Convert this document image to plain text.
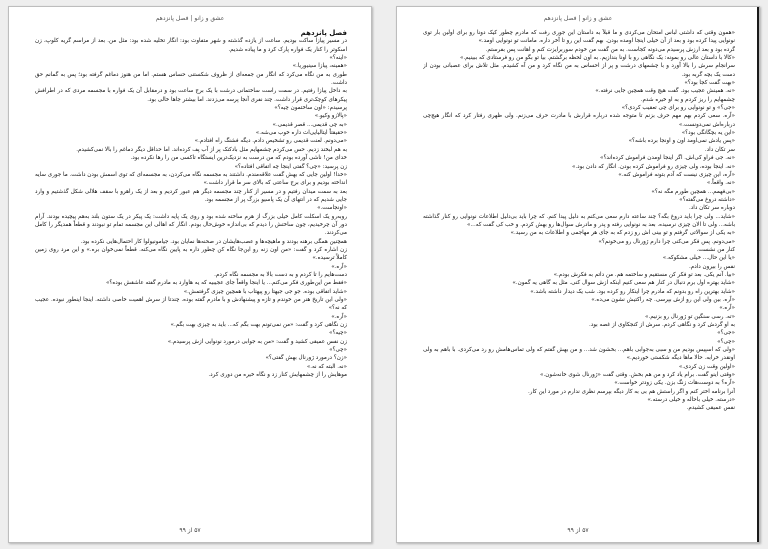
عشق و زانو | فصل پانزدهم

فصل پانزدهم

در مسیر پیازا ساکت بودیم. ساعت از یازده گذشته و شهر متفاوت بود: انگار تخلیه شده بود: مثل من. بعد از مراسم گریه کلوپ، زن اسکوتر را کنار یک فواره پارک کرد و ما پیاده شدیم.

«اینه؟»

«همینه، پیازا سینیوریا.»

طوری به من نگاه می‌کرد که انگار من جمعه‌ای از ظروف شکستنی حساس هستم. اما من هنوز دماغم گرفته بود؛ پس به گمانم حق داشت.

به داخل پیازا رفتیم. در سمت راست ساختمانی درشت با یک برج ساعت بود و درمقابل آن یک فواره با مجسمه مردی که در اطرافش پیکرهای کوچک‌تری قرار داشت. چند نفری آنجا پرسه می‌زدند. اما بیشتر جاها خالی بود.

پرسیدم: «اون ساختمون چیه؟»

«پالازو وکیو.»

«به چی قدیمی... قصر قدیمی.»

«حقیقتاً ایتالیایی‌ات داره خوب می‌شه.»

«می‌دونم. لعنت قدیمی رو تشخیص دادم. دیگه فشنگ راه افتادم.»

به هم لبخند زدیم. حس می‌کردم چشمهایم مثل بادکنک پر از آب پف کرده‌اند. اما حداقل دیگر دماغم را بالا نمی‌کشیدم.

خدای من! ناشی آورده بودم که من درست به نزدیک‌ترین ایستگاه تاکسی من را رها نکرده بود.

زن پرسید: «چی؟ گفتی اینجا چه اتفاقی افتاده؟»

«خدا! اولین جایی که بهش گفت علاقه‌مندم. داشتند به مجسمه نگاه می‌کردن، به مجسمه‌ای که توی اسمش بودن داشت. ما جوری سایه انداخته بودیم و برای برج ساعتی که بالای سر ما قرار داشت.»

بعد به سمت میدان رفتیم و در مسیر از کنار چند مجسمه دیگر هم عبور کردیم و بعد از یک راهرو با سقف هلالی شکل گذشتیم و وارد جایی شدیم که در انتهای آن یک پاسیو بزرگ پر از مجسمه بود.

«اونجاست.»

روبه‌رو یک اسکلت کامل خیلی بزرگ از هرم ساخته شده بود و روی یک پایه داشت: یک پیکر در یک ستون بلند به‌هم پیچیده بودند. آرام دور آن چرخیدیم، چون ساختش را دیدم که بی‌اندازه خوش‌حال بودم. انگار که اهالی این مجسمه تمام تو نبودند و قطعاً همدیگر را کامل می‌کردند.

همچنین همگی برهنه بودند و ماهیچه‌ها و عصب‌هایشان در صحنه‌ها نمایان بود. جیامونیولوا کار احتمال‌هایی نکرده بود.

زن اشاره کرد و گفت: «من اون زنه رو این‌جا نگاه کن چطور داره به پایین نگاه می‌کنه. قطعاً نمی‌خوان بره.» و این مرد روی زمین کاملاً ترسیده.»

«آره.»

دست‌هایم را تا کردم و به دست بالا به مجسمه نگاه کردم.

«فقط من این‌طوری فکر می‌کنم... یا اینجا واقعاً جای عجیبیه که یه هاوارد به مادرم گفته عاشقش بوده؟»

«شاید اتفاقی بوده. جو جی جیهتا رو پیهتاب با همچین چیزی گرفتمش.»

«ولی این تاریخ هنر من خوندم و تازه و پیشنهادش و با مادرم گفته بوده. چندتا از سرش اهمیت خاصی داشته. اینجا اینطور نبوده. عجیب که نه؟»

«آره.»

زن نگاهی کرد و گفت: «من نمی‌تونم بهت بگم که... باید به چیزی بهت بگم.»

«چیه؟»

زن نفس عمیقی کشید و گفت: «من به جوابی درمورد نونوایی ازش پرسیدم.»

«چی؟»

«زن؟ درمورد ژورنال بهش گفتی؟»

«نه. البته که نه.»

موهایش را از چشمهایش کنار زد و نگاه خیره من دوری کرد.

۵۷ از ۹۹
عشق و زانو | فصل پانزدهم

«همون وقتی که داشتی لباس امتحان می‌کردی و ما قبلاً به داستان این جوری رفت که مادرم چطور کیک دونا رو برای اولین بار توی نونوایی پیدا کرده بود و بعد از آن خیلی اینجا اومده بودن. بهم گفت این رو تا آخر داره. مامانت تو نونوایی اومد.»

گرده بود و بعد ارزش پرسیدم می‌دونه کجاست. به من گفت من خودم سوربرایزت کنم و اهانت پس بفرستم.

«کالا با داستان عالی رو بمونه: یک نگاهی رو با اونا بندازیم. به اون لحظه برگشتم. بیا تو بگو من رو فرستادی که ببینیم.»

سرانجام سرش را بالا آورد و با چشمهای درشت و پر از احساس به من نگاه کرد و من آه کشیدم. مثل تلاش برای عصبانی بودن از دست یک بچه گربه بود.

«بهت گفت کجا بود؟»

«نه. همینش عجیب بود. گفت هیچ وقت همچین جایی نرفته.»

چشمهایم را ریز کردم و به او خیره شدم.

«جی؟» و تو نونوایی رو برای چی تعقیب کردی؟»

«آره. سعی کردم بهم مهم حرف بزنم تا متوجه شده درباره قرارش با مادرت حرف می‌زنم. ولی ظهری رفتار کرد که انگار هیچ‌چی درباره‌اش نمی‌دونست.»

«این یه بچگانگی بود؟»

«پس یادش نمی‌اومد اون و اونجا برده باشه؟»

سر تکان داد.

«نه. جی فراو کی‌اش. اگر اینجا اومدن فراموش کرده‌اند؟»

«نه. اینجا بوده، ولی چیزی رو فراموش کرده بودن. انگار که دادن بود.»

«آره، این چیزی نیست که آدم بتونه فراموش کنه.»

«نه. واقعاً.»

«بی‌فهمم... همچین طورم مگه نه؟»

«داشته دروغ می‌گفته؟»

دوباره سر تکان داد.

«شاید... ولی چرا باید دروغ بگه؟ چند ساعته دارم سعی می‌کنم به دلیل پیدا کنم. که چرا باید بی‌دلیل اطلاعات نونوایی رو کنار گذاشته باشه... ولی تا الان چیزی نرسیده. بعد به نونوایی رفته و پدر و مادرش سوال‌ها رو بهش کردم. و خب کی گفت که...»

«به یکی از سوالاتی گرفتم و تو بینی اش رو زدم که به جای هر مهاجمی و اطلاعات به من رسید.»

«می‌دونم. پس فکر می‌کنی چرا دارم ژورنال رو می‌خونم؟»

کنار من نشست.

«یا این حال... خیلی مشکوکه.»

نفس را بیرون دادم.

«بیا. آنم یکی. بعد تو فکر کن مستقیم و ساختمه هم. من داتم به فکرش بودم.»

«شاید بهتره اول برم دنبال در کنار هم سعی کنیم اینکه ازش سوال کنی. مثل به گاهی یه گمون.»

«شاید بهترین راه رو بدونم که مادرم چرا اینکار رو کرده بود. شب یک دیدار داشته باشد.»

«آره. بین ولی این رو ازش بپرسی. چه راکتیش نشون می‌ده.»

«آره.»

«ته. رسی سنگین تو ژورنال رو بزنیم.»

به او گردش کرد و نگاهی کردم. سرش از کنجکاوی از غصه بود.

«جی؟»

«چی؟»

«ولی که اسپیس بودیم من و سبی به‌جوابی باهم... بخشون شد... و من بهش گفتم که ولی تماس‌هامش رو رد می‌کردی. با باهم به ولی اونقدر خرابه. حالا ماها دیگه شکستی خوردیم.»

«اولین وقت زن کردی.»

«وقتی اینو گفت. برام یاد کرد و من هم بخش. وقتی گفت «ژورنال شوی خانه‌شون.»

«آره؟ به دوست‌هات زنگ بزن. یکی زودتر خواست.»

آنرا برنامه اختر کنم و اگر راستش هم بی به کار دیگه بپرسم نظری ندارم در مورد این کار.

«درسته. خیلی باحاله و خیلی درسته.»

نفس عمیقی کشیدم.

۵۷ از ۹۹
